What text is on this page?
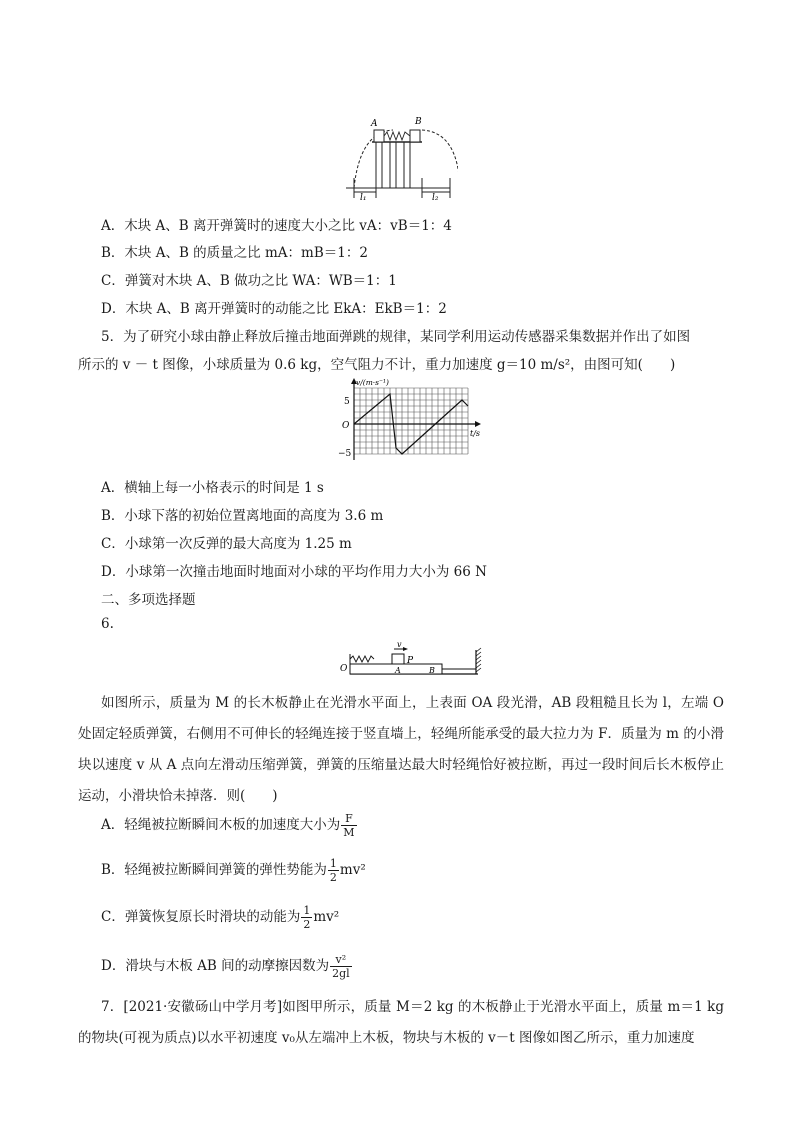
A	B
l₁	l₂
A．木块 A、B 离开弹簧时的速度大小之比 vA：vB＝1：4
B．木块 A、B 的质量之比 mA：mB＝1：2
C．弹簧对木块 A、B 做功之比 WA：WB＝1：1
D．木块 A、B 离开弹簧时的动能之比 EkA：EkB＝1：2
5．为了研究小球由静止释放后撞击地面弹跳的规律，某同学利用运动传感器采集数据并作出了如图
所示的 v － t 图像，小球质量为 0.6 kg，空气阻力不计，重力加速度 g＝10 m/s²，由图可知(　　)
v/(m·s⁻¹)
t/s
O
5
−5
A．横轴上每一小格表示的时间是 1 s
B．小球下落的初始位置离地面的高度为 3.6 m
C．小球第一次反弹的最大高度为 1.25 m
D．小球第一次撞击地面时地面对小球的平均作用力大小为 66 N
二、多项选择题
6.
O
v
P
A	B
如图所示，质量为 M 的长木板静止在光滑水平面上，上表面 OA 段光滑，AB 段粗糙且长为 l，左端 O 处固定轻质弹簧，右侧用不可伸长的轻绳连接于竖直墙上，轻绳所能承受的最大拉力为 F．质量为 m 的小滑块以速度 v 从 A 点向左滑动压缩弹簧，弹簧的压缩量达最大时轻绳恰好被拉断，再过一段时间后长木板停止运动，小滑块恰未掉落．则(　　)
A．轻绳被拉断瞬间木板的加速度大小为 $\frac{F}{M}$
B．轻绳被拉断瞬间弹簧的弹性势能为 $\frac{1}{2} mv^2$
C．弹簧恢复原长时滑块的动能为 $\frac{1}{2} mv^2$
D．滑块与木板 AB 间的动摩擦因数为 $\frac{\text{v²}}{2gl}$
7．[2021·安徽砀山中学月考]如图甲所示，质量 M＝2 kg 的木板静止于光滑水平面上，质量 m＝1 kg 的物块(可视为质点)以水平初速度 v₀从左端冲上木板，物块与木板的 v－t 图像如图乙所示，重力加速度
